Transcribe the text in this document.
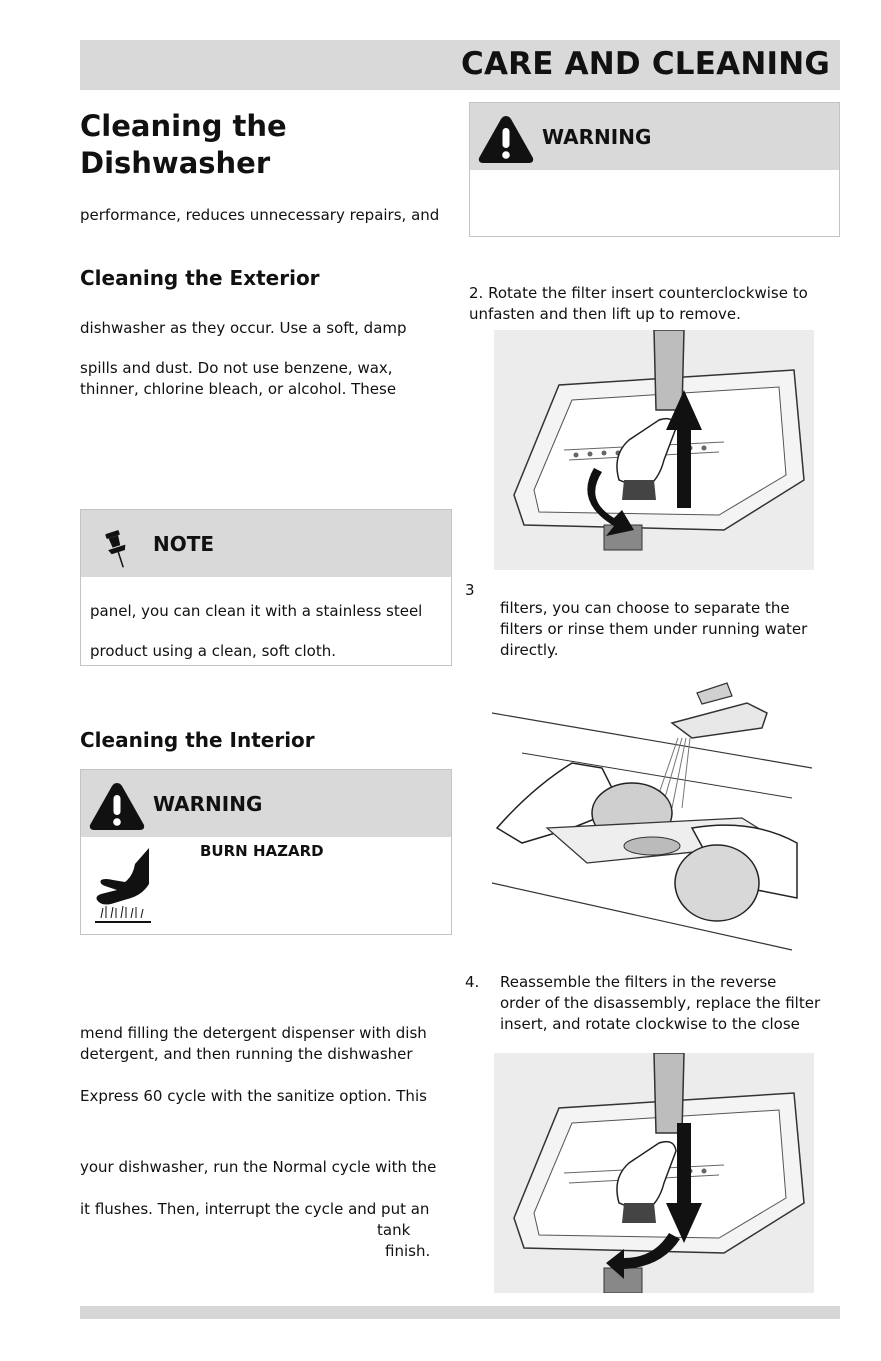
CARE AND CLEANING
Cleaning the
Dishwasher
performance, reduces unnecessary repairs, and
Cleaning the Exterior
dishwasher as they occur. Use a soft, damp
spills and dust. Do not use benzene, wax,
thinner, chlorine bleach, or alcohol. These
NOTE
panel, you can clean it with a stainless steel
product using a clean, soft cloth.
Cleaning the Interior
WARNING
BURN HAZARD
mend filling the detergent dispenser with dish
detergent, and then running the dishwasher
Express 60 cycle with the sanitize option. This
your dishwasher, run the Normal cycle with the
it flushes. Then, interrupt the cycle and put an
tank
finish.
WARNING
2. Rotate the filter insert counterclockwise to
unfasten and then lift up to remove.
3
filters, you can choose to separate the
filters or rinse them under running water
directly.
4. Reassemble the filters in the reverse
order of the disassembly, replace the filter
insert, and rotate clockwise to the close
